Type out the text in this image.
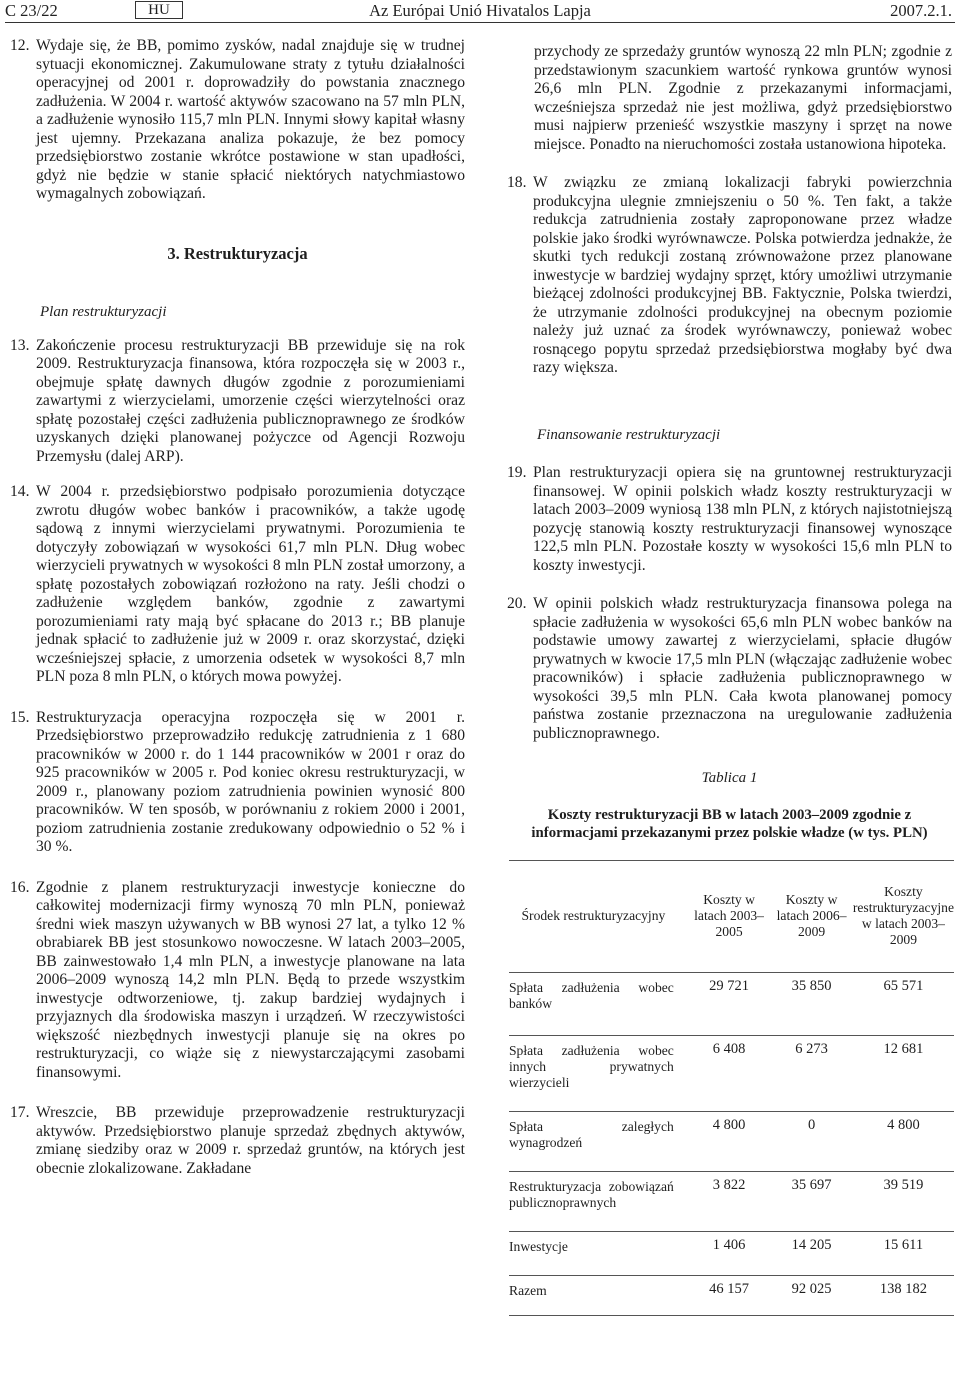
C 23/22	HU	Az Európai Unió Hivatalos Lapja	2007.2.1.
12. Wydaje się, że BB, pomimo zysków, nadal znajduje się w trudnej sytuacji ekonomicznej. Zakumulowane straty z tytułu działalności operacyjnej od 2001 r. doprowadziły do powstania znacznego zadłużenia. W 2004 r. wartość aktywów szacowano na 57 mln PLN, a zadłużenie wynosiło 115,7 mln PLN. Innymi słowy kapitał własny jest ujemny. Przekazana analiza pokazuje, że bez pomocy przedsiębiorstwo zostanie wkrótce postawione w stan upadłości, gdyż nie będzie w stanie spłacić niektórych natychmiastowo wymagalnych zobowiązań.
3. Restrukturyzacja
Plan restrukturyzacji
13. Zakończenie procesu restrukturyzacji BB przewiduje się na rok 2009. Restrukturyzacja finansowa, która rozpoczęła się w 2003 r., obejmuje spłatę dawnych długów zgodnie z porozumieniami zawartymi z wierzycielami, umorzenie części wierzytelności oraz spłatę pozostałej części zadłużenia publicznoprawnego ze środków uzyskanych dzięki planowanej pożyczce od Agencji Rozwoju Przemysłu (dalej ARP).
14. W 2004 r. przedsiębiorstwo podpisało porozumienia dotyczące zwrotu długów wobec banków i pracowników, a także ugodę sądową z innymi wierzycielami prywatnymi. Porozumienia te dotyczyły zobowiązań w wysokości 61,7 mln PLN. Dług wobec wierzycieli prywatnych w wysokości 8 mln PLN został umorzony, a spłatę pozostałych zobowiązań rozłożono na raty. Jeśli chodzi o zadłużenie względem banków, zgodnie z zawartymi porozumieniami raty mają być spłacane do 2013 r.; BB planuje jednak spłacić to zadłużenie już w 2009 r. oraz skorzystać, dzięki wcześniejszej spłacie, z umorzenia odsetek w wysokości 8,7 mln PLN poza 8 mln PLN, o których mowa powyżej.
15. Restrukturyzacja operacyjna rozpoczęła się w 2001 r. Przedsiębiorstwo przeprowadziło redukcję zatrudnienia z 1 680 pracowników w 2000 r. do 1 144 pracowników w 2001 r oraz do 925 pracowników w 2005 r. Pod koniec okresu restrukturyzacji, w 2009 r., planowany poziom zatrudnienia powinien wynosić 800 pracowników. W ten sposób, w porównaniu z rokiem 2000 i 2001, poziom zatrudnienia zostanie zredukowany odpowiednio o 52 % i 30 %.
16. Zgodnie z planem restrukturyzacji inwestycje konieczne do całkowitej modernizacji firmy wynoszą 70 mln PLN, ponieważ średni wiek maszyn używanych w BB wynosi 27 lat, a tylko 12 % obrabiarek BB jest stosunkowo nowoczesne. W latach 2003–2005, BB zainwestowało 1,4 mln PLN, a inwestycje planowane na lata 2006–2009 wynoszą 14,2 mln PLN. Będą to przede wszystkim inwestycje odtworzeniowe, tj. zakup bardziej wydajnych i przyjaznych dla środowiska maszyn i urządzeń. W rzeczywistości większość niezbędnych inwestycji planuje się na okres po restrukturyzacji, co wiąże się z niewystarczającymi zasobami finansowymi.
17. Wreszcie, BB przewiduje przeprowadzenie restrukturyzacji aktywów. Przedsiębiorstwo planuje sprzedaż zbędnych aktywów, zmianę siedziby oraz w 2009 r. sprzedaż gruntów, na których jest obecnie zlokalizowane. Zakładane
przychody ze sprzedaży gruntów wynoszą 22 mln PLN; zgodnie z przedstawionym szacunkiem wartość rynkowa gruntów wynosi 26,6 mln PLN. Zgodnie z przekazanymi informacjami, wcześniejsza sprzedaż nie jest możliwa, gdyż przedsiębiorstwo musi najpierw przenieść wszystkie maszyny i sprzęt na nowe miejsce. Ponadto na nieruchomości została ustanowiona hipoteka.
18. W związku ze zmianą lokalizacji fabryki powierzchnia produkcyjna ulegnie zmniejszeniu o 50 %. Ten fakt, a także redukcja zatrudnienia zostały zaproponowane przez władze polskie jako środki wyrównawcze. Polska potwierdza jednakże, że skutki tych redukcji zostaną zrównoważone przez planowane inwestycje w bardziej wydajny sprzęt, który umożliwi utrzymanie bieżącej zdolności produkcyjnej BB. Faktycznie, Polska twierdzi, że utrzymanie zdolności produkcyjnej na obecnym poziomie należy już uznać za środek wyrównawczy, ponieważ wobec rosnącego popytu sprzedaż przedsiębiorstwa mogłaby być dwa razy większa.
Finansowanie restrukturyzacji
19. Plan restrukturyzacji opiera się na gruntownej restrukturyzacji finansowej. W opinii polskich władz koszty restrukturyzacji w latach 2003–2009 wyniosą 138 mln PLN, z których najistotniejszą pozycję stanowią koszty restrukturyzacji finansowej wynoszące 122,5 mln PLN. Pozostałe koszty w wysokości 15,6 mln PLN to koszty inwestycji.
20. W opinii polskich władz restrukturyzacja finansowa polega na spłacie zadłużenia w wysokości 65,6 mln PLN wobec banków na podstawie umowy zawartej z wierzycielami, spłacie długów prywatnych w kwocie 17,5 mln PLN (włączając zadłużenie wobec pracowników) i spłacie zadłużenia publicznoprawnego w wysokości 39,5 mln PLN. Cała kwota planowanej pomocy państwa zostanie przeznaczona na uregulowanie zadłużenia publicznoprawnego.
Tablica 1
Koszty restrukturyzacji BB w latach 2003–2009 zgodnie z informacjami przekazanymi przez polskie władze (w tys. PLN)
Środek restrukturyzacyjny	Koszty w latach 2003–2005	Koszty w latach 2006–2009	Koszty restrukturyzacyjne w latach 2003–2009
Spłata zadłużenia wobec banków	29 721	35 850	65 571
Spłata zadłużenia wobec innych prywatnych wierzycieli	6 408	6 273	12 681
Spłata zaległych wynagrodzeń	4 800	0	4 800
Restrukturyzacja zobowiązań publicznoprawnych	3 822	35 697	39 519
Inwestycje	1 406	14 205	15 611
Razem	46 157	92 025	138 182
